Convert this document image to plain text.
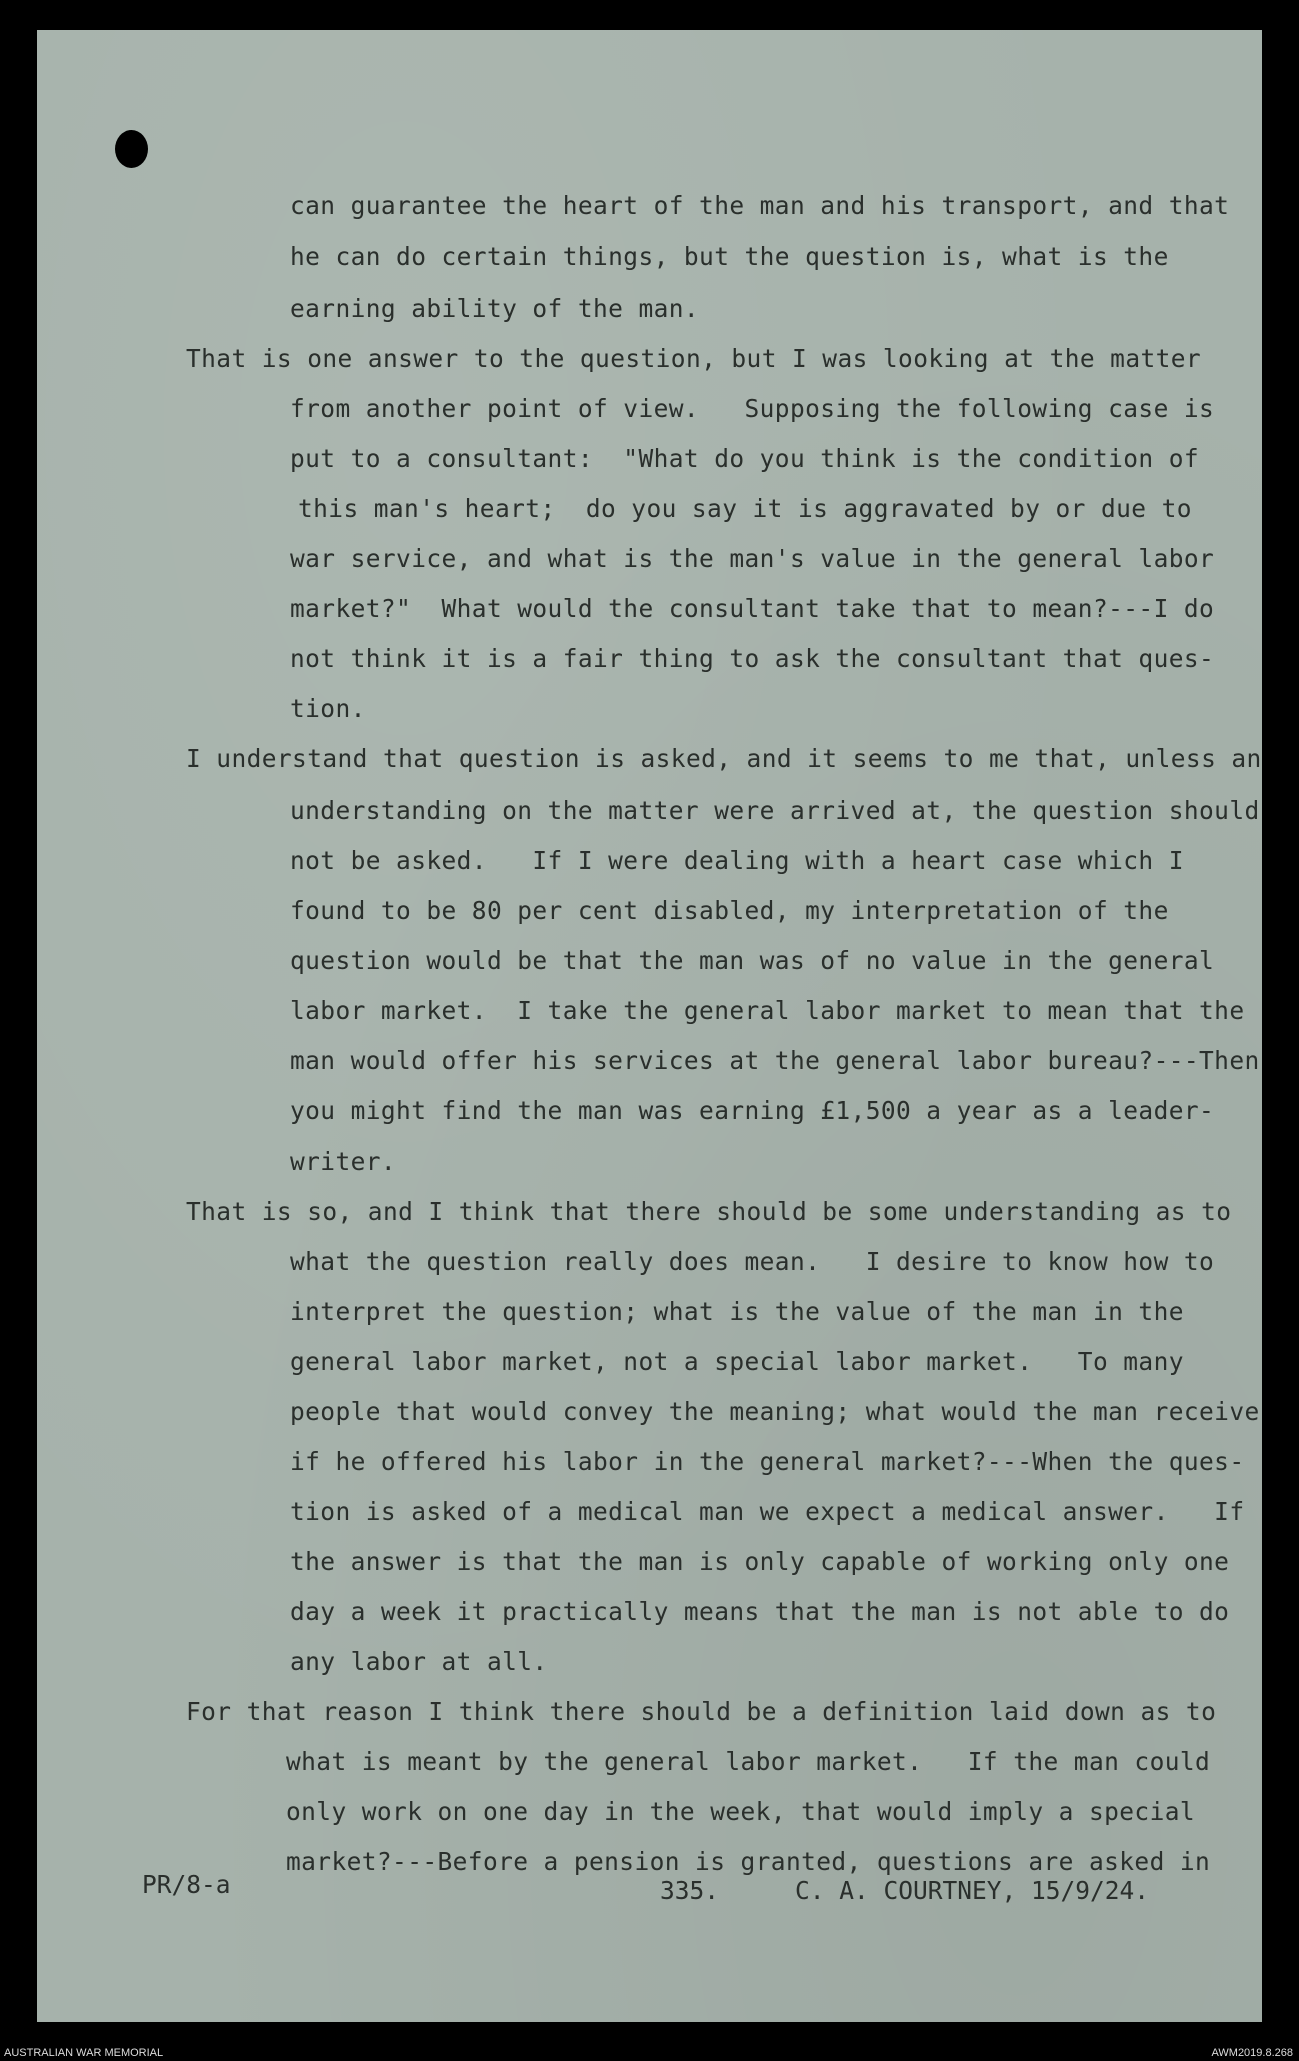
can guarantee the heart of the man and his transport, and that
he can do certain things, but the question is, what is the
earning ability of the man.
That is one answer to the question, but I was looking at the matter
from another point of view.   Supposing the following case is
put to a consultant:  "What do you think is the condition of
this man's heart;  do you say it is aggravated by or due to
war service, and what is the man's value in the general labor
market?"  What would the consultant take that to mean?---I do
not think it is a fair thing to ask the consultant that ques-
tion.
I understand that question is asked, and it seems to me that, unless an
understanding on the matter were arrived at, the question should
not be asked.   If I were dealing with a heart case which I
found to be 80 per cent disabled, my interpretation of the
question would be that the man was of no value in the general
labor market.  I take the general labor market to mean that the
man would offer his services at the general labor bureau?---Then
you might find the man was earning £1,500 a year as a leader-
writer.
That is so, and I think that there should be some understanding as to
what the question really does mean.   I desire to know how to
interpret the question; what is the value of the man in the
general labor market, not a special labor market.   To many
people that would convey the meaning; what would the man receive
if he offered his labor in the general market?---When the ques-
tion is asked of a medical man we expect a medical answer.   If
the answer is that the man is only capable of working only one
day a week it practically means that the man is not able to do
any labor at all.
For that reason I think there should be a definition laid down as to
what is meant by the general labor market.   If the man could
only work on one day in the week, that would imply a special
market?---Before a pension is granted, questions are asked in
PR/8-a	335.	C. A. COURTNEY, 15/9/24.
AUSTRALIAN WAR MEMORIAL	AWM2019.8.268
